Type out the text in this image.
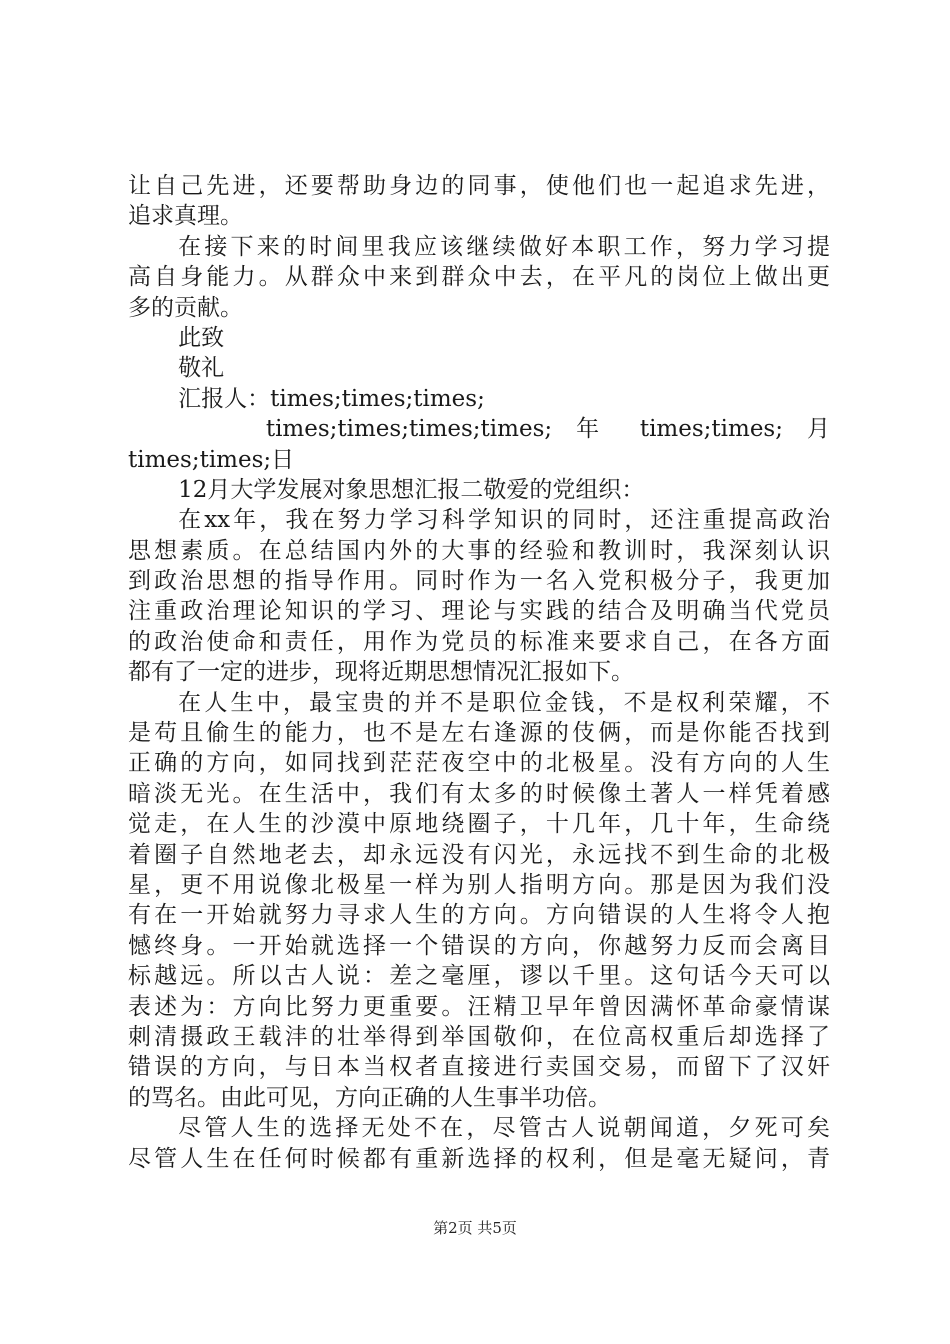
让自己先进，还要帮助身边的同事，使他们也一起追求先进，
追求真理。
在接下来的时间里我应该继续做好本职工作，努力学习提
高自身能力。从群众中来到群众中去，在平凡的岗位上做出更
多的贡献。
此致
敬礼
汇报人：times;times;times;
times;times;times;times; 年 times;times; 月
times;times;日
12月大学发展对象思想汇报二敬爱的党组织：
在xx年，我在努力学习科学知识的同时，还注重提高政治
思想素质。在总结国内外的大事的经验和教训时，我深刻认识
到政治思想的指导作用。同时作为一名入党积极分子，我更加
注重政治理论知识的学习、理论与实践的结合及明确当代党员
的政治使命和责任，用作为党员的标准来要求自己，在各方面
都有了一定的进步，现将近期思想情况汇报如下。
在人生中，最宝贵的并不是职位金钱，不是权利荣耀，不
是苟且偷生的能力，也不是左右逢源的伎俩，而是你能否找到
正确的方向，如同找到茫茫夜空中的北极星。没有方向的人生
暗淡无光。在生活中，我们有太多的时候像土著人一样凭着感
觉走，在人生的沙漠中原地绕圈子，十几年，几十年，生命绕
着圈子自然地老去，却永远没有闪光，永远找不到生命的北极
星，更不用说像北极星一样为别人指明方向。那是因为我们没
有在一开始就努力寻求人生的方向。方向错误的人生将令人抱
憾终身。一开始就选择一个错误的方向，你越努力反而会离目
标越远。所以古人说：差之毫厘，谬以千里。这句话今天可以
表述为：方向比努力更重要。汪精卫早年曾因满怀革命豪情谋
刺清摄政王载沣的壮举得到举国敬仰，在位高权重后却选择了
错误的方向，与日本当权者直接进行卖国交易，而留下了汉奸
的骂名。由此可见，方向正确的人生事半功倍。
尽管人生的选择无处不在，尽管古人说朝闻道，夕死可矣
尽管人生在任何时候都有重新选择的权利，但是毫无疑问，青
第2页 共5页
